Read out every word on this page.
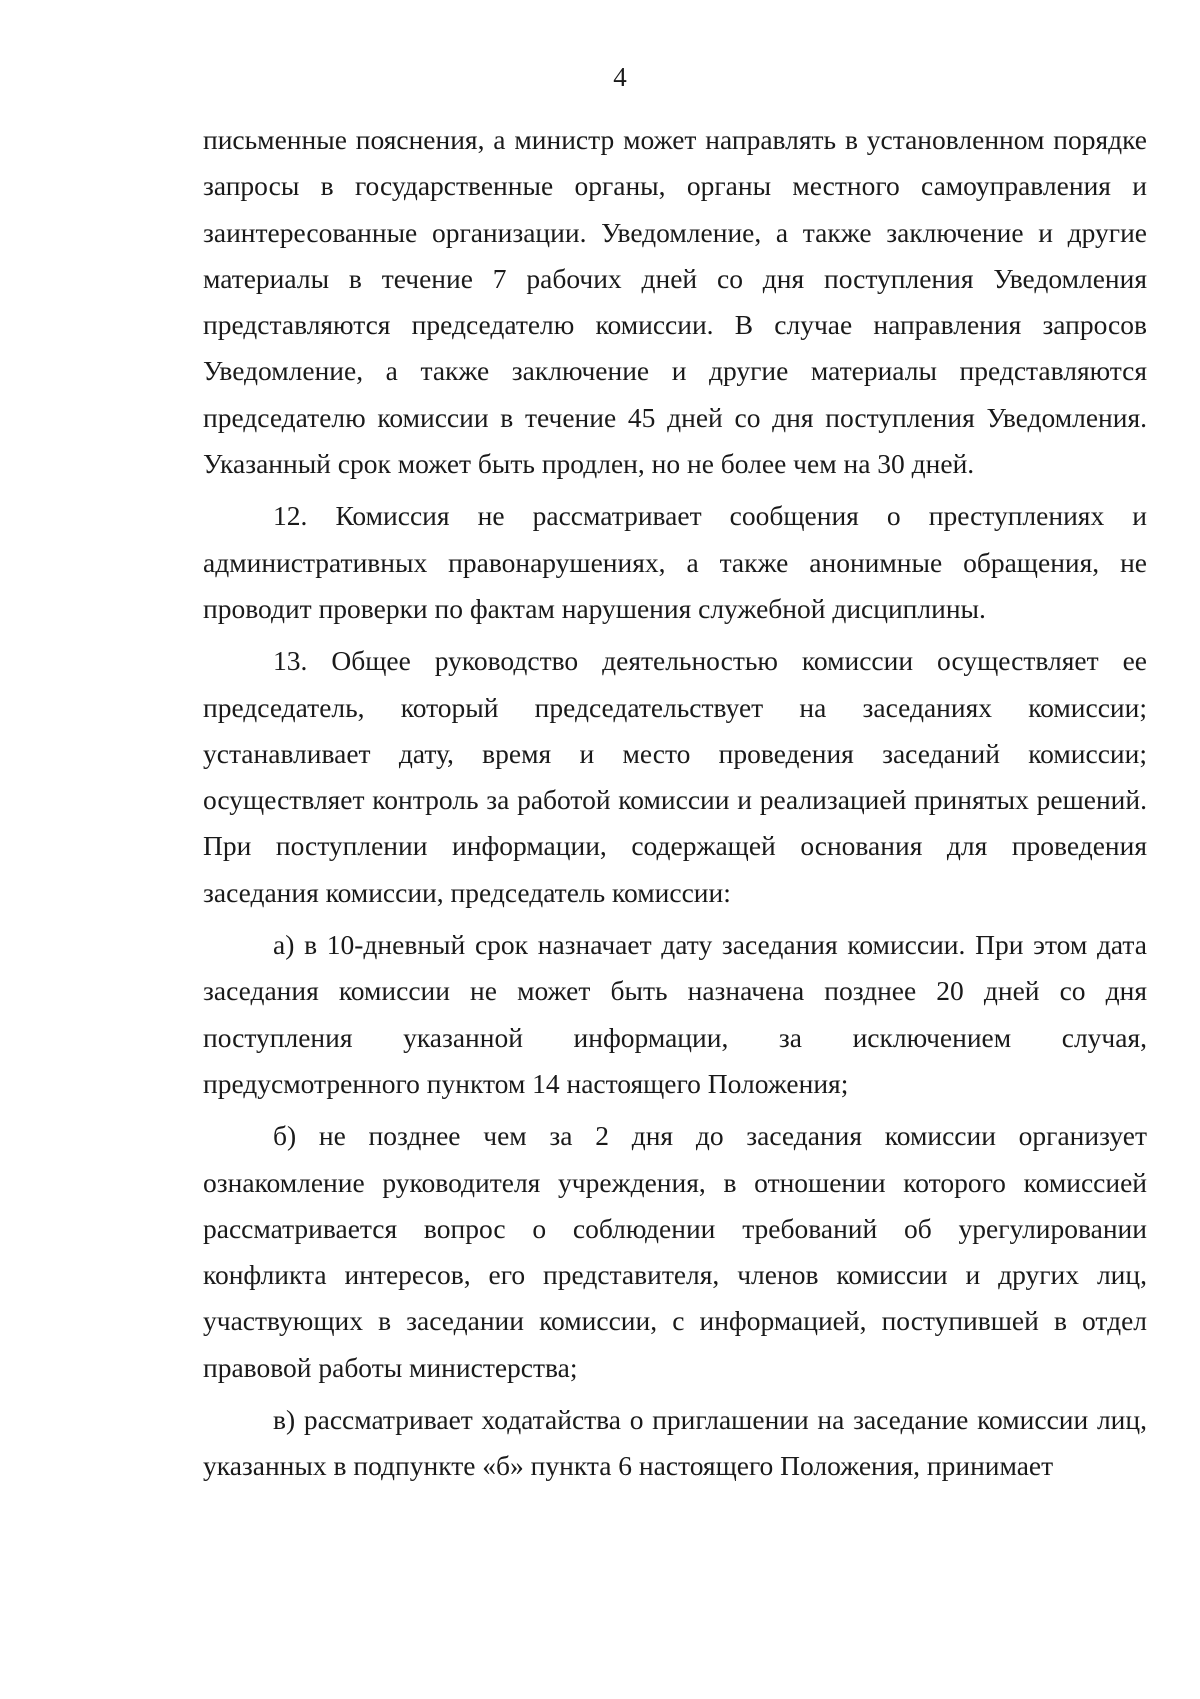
4

письменные пояснения, а министр может направлять в установленном порядке запросы в государственные органы, органы местного самоуправления и заинтересованные организации. Уведомление, а также заключение и другие материалы в течение 7 рабочих дней со дня поступления Уведомления представляются председателю комиссии. В случае направления запросов Уведомление, а также заключение и другие материалы представляются председателю комиссии в течение 45 дней со дня поступления Уведомления. Указанный срок может быть продлен, но не более чем на 30 дней.

12. Комиссия не рассматривает сообщения о преступлениях и административных правонарушениях, а также анонимные обращения, не проводит проверки по фактам нарушения служебной дисциплины.

13. Общее руководство деятельностью комиссии осуществляет ее председатель, который председательствует на заседаниях комиссии; устанавливает дату, время и место проведения заседаний комиссии; осуществляет контроль за работой комиссии и реализацией принятых решений. При поступлении информации, содержащей основания для проведения заседания комиссии, председатель комиссии:

а) в 10-дневный срок назначает дату заседания комиссии. При этом дата заседания комиссии не может быть назначена позднее 20 дней со дня поступления указанной информации, за исключением случая, предусмотренного пунктом 14 настоящего Положения;

б) не позднее чем за 2 дня до заседания комиссии организует ознакомление руководителя учреждения, в отношении которого комиссией рассматривается вопрос о соблюдении требований об урегулировании конфликта интересов, его представителя, членов комиссии и других лиц, участвующих в заседании комиссии, с информацией, поступившей в отдел правовой работы министерства;

в) рассматривает ходатайства о приглашении на заседание комиссии лиц, указанных в подпункте «б» пункта 6 настоящего Положения, принимает
